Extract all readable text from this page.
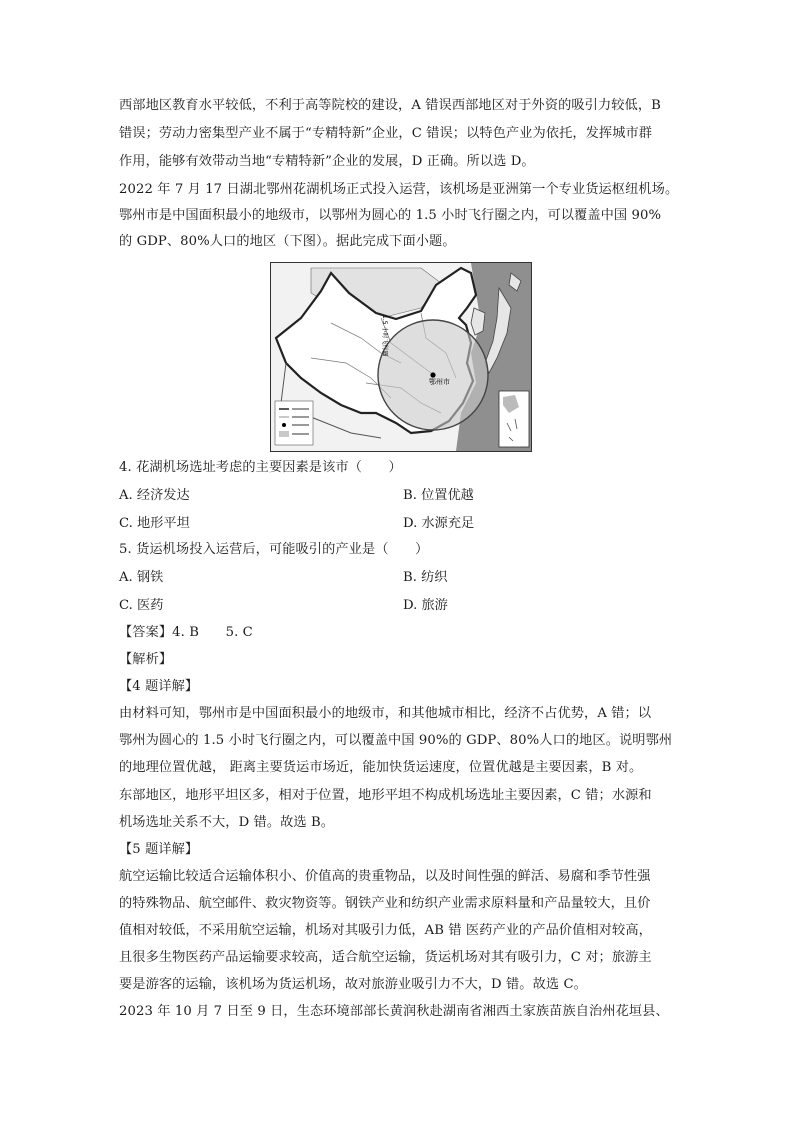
西部地区教育水平较低，不利于高等院校的建设，A 错误西部地区对于外资的吸引力较低，B
错误；劳动力密集型产业不属于“专精特新”企业，C 错误；以特色产业为依托，发挥城市群
作用，能够有效带动当地“专精特新”企业的发展，D 正确。所以选 D。
2022 年 7 月 17 日湖北鄂州花湖机场正式投入运营，该机场是亚洲第一个专业货运枢纽机场。
鄂州市是中国面积最小的地级市，以鄂州为圆心的 1.5 小时飞行圈之内，可以覆盖中国 90%
的 GDP、80%人口的地区（下图）。据此完成下面小题。
鄂州市
1.5 小时飞行圈
4. 花湖机场选址考虑的主要因素是该市（　　）
A. 经济发达	B. 位置优越
C. 地形平坦	D. 水源充足
5. 货运机场投入运营后，可能吸引的产业是（　　）
A. 钢铁	B. 纺织
C. 医药	D. 旅游
【答案】4. B　　5. C
【解析】
【4 题详解】
由材料可知，鄂州市是中国面积最小的地级市，和其他城市相比，经济不占优势，A 错；以
鄂州为圆心的 1.5 小时飞行圈之内，可以覆盖中国 90%的 GDP、80%人口的地区。说明鄂州
的地理位置优越， 距离主要货运市场近，能加快货运速度，位置优越是主要因素，B 对。
东部地区，地形平坦区多，相对于位置，地形平坦不构成机场选址主要因素，C 错；水源和
机场选址关系不大，D 错。故选 B。
【5 题详解】
航空运输比较适合运输体积小、价值高的贵重物品，以及时间性强的鲜活、易腐和季节性强
的特殊物品、航空邮件、救灾物资等。钢铁产业和纺织产业需求原料量和产品量较大，且价
值相对较低，不采用航空运输，机场对其吸引力低，AB 错 医药产业的产品价值相对较高，
且很多生物医药产品运输要求较高，适合航空运输，货运机场对其有吸引力，C 对；旅游主
要是游客的运输，该机场为货运机场，故对旅游业吸引力不大，D 错。故选 C。
2023 年 10 月 7 日至 9 日，生态环境部部长黄润秋赴湖南省湘西土家族苗族自治州花垣县、
